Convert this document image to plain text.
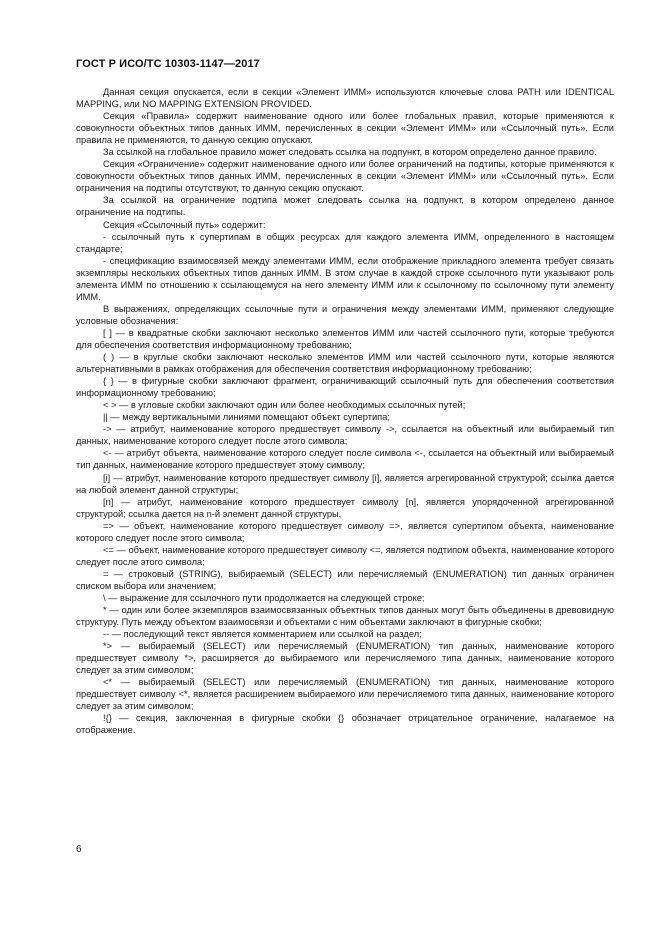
ГОСТ Р ИСО/ТС 10303-1147—2017

Данная секция опускается, если в секции «Элемент ИММ» используются ключевые слова PATH или IDENTICAL MAPPING, или NO MAPPING EXTENSION PROVIDED.

Секция «Правила» содержит наименование одного или более глобальных правил, которые применяются к совокупности объектных типов данных ИММ, перечисленных в секции «Элемент ИММ» или «Ссылочный путь». Если правила не применяются, то данную секцию опускают.

За ссылкой на глобальное правило может следовать ссылка на подпункт, в котором определено данное правило.

Секция «Ограничение» содержит наименование одного или более ограничений на подтипы, которые применяются к совокупности объектных типов данных ИММ, перечисленных в секции «Элемент ИММ» или «Ссылочный путь». Если ограничения на подтипы отсутствуют, то данную секцию опускают.

За ссылкой на ограничение подтипа может следовать ссылка на подпункт, в котором определено данное ограничение на подтипы.

Секция «Ссылочный путь» содержит:

- ссылочный путь к супертипам в общих ресурсах для каждого элемента ИММ, определенного в настоящем стандарте;

- спецификацию взаимосвязей между элементами ИММ, если отображение прикладного элемента требует связать экземпляры нескольких объектных типов данных ИММ. В этом случае в каждой строке ссылочного пути указывают роль элемента ИММ по отношению к ссылающемуся на него элементу ИММ или к ссылочному по ссылочному пути элементу ИММ.

В выражениях, определяющих ссылочные пути и ограничения между элементами ИММ, применяют следующие условные обозначения:

[ ] — в квадратные скобки заключают несколько элементов ИММ или частей ссылочного пути, которые требуются для обеспечения соответствия информационному требованию;

( ) — в круглые скобки заключают несколько элементов ИММ или частей ссылочного пути, которые являются альтернативными в рамках отображения для обеспечения соответствия информационному требованию;

{ } — в фигурные скобки заключают фрагмент, ограничивающий ссылочный путь для обеспечения соответствия информационному требованию;

< > — в угловые скобки заключают один или более необходимых ссылочных путей;

|| — между вертикальными линиями помещают объект супертипа;

-> — атрибут, наименование которого предшествует символу ->, ссылается на объектный или выбираемый тип данных, наименование которого следует после этого символа;

<- — атрибут объекта, наименование которого следует после символа <-, ссылается на объектный или выбираемый тип данных, наименование которого предшествует этому символу;

[i] — атрибут, наименование которого предшествует символу [i], является агрегированной структурой; ссылка дается на любой элемент данной структуры;

[n] — атрибут, наименование которого предшествует символу [n], является упорядоченной агрегированной структурой; ссылка дается на n-й элемент данной структуры,

=> — объект, наименование которого предшествует символу =>, является супертипом объекта, наименование которого следует после этого символа;

<= — объект, наименование которого предшествует символу <=, является подтипом объекта, наименование которого следует после этого символа;

= — строковый (STRING), выбираемый (SELECT) или перечисляемый (ENUMERATION) тип данных ограничен списком выбора или значением;

\ — выражение для ссылочного пути продолжается на следующей строке;

* — один или более экземпляров взаимосвязанных объектных типов данных могут быть объединены в древовидную структуру. Путь между объектом взаимосвязи и объектами с ним объектами заключают в фигурные скобки;

-- — последующий текст является комментарием или ссылкой на раздел;

*> — выбираемый (SELECT) или перечисляемый (ENUMERATION) тип данных, наименование которого предшествует символу *>, расширяется до выбираемого или перечисляемого типа данных, наименование которого следует за этим символом;

<* — выбираемый (SELECT) или перечисляемый (ENUMERATION) тип данных, наименование которого предшествует символу <*, является расширением выбираемого или перечисляемого типа данных, наименование которого следует за этим символом;

!{} — секция, заключенная в фигурные скобки {} обозначает отрицательное ограничение, налагаемое на отображение.

6
